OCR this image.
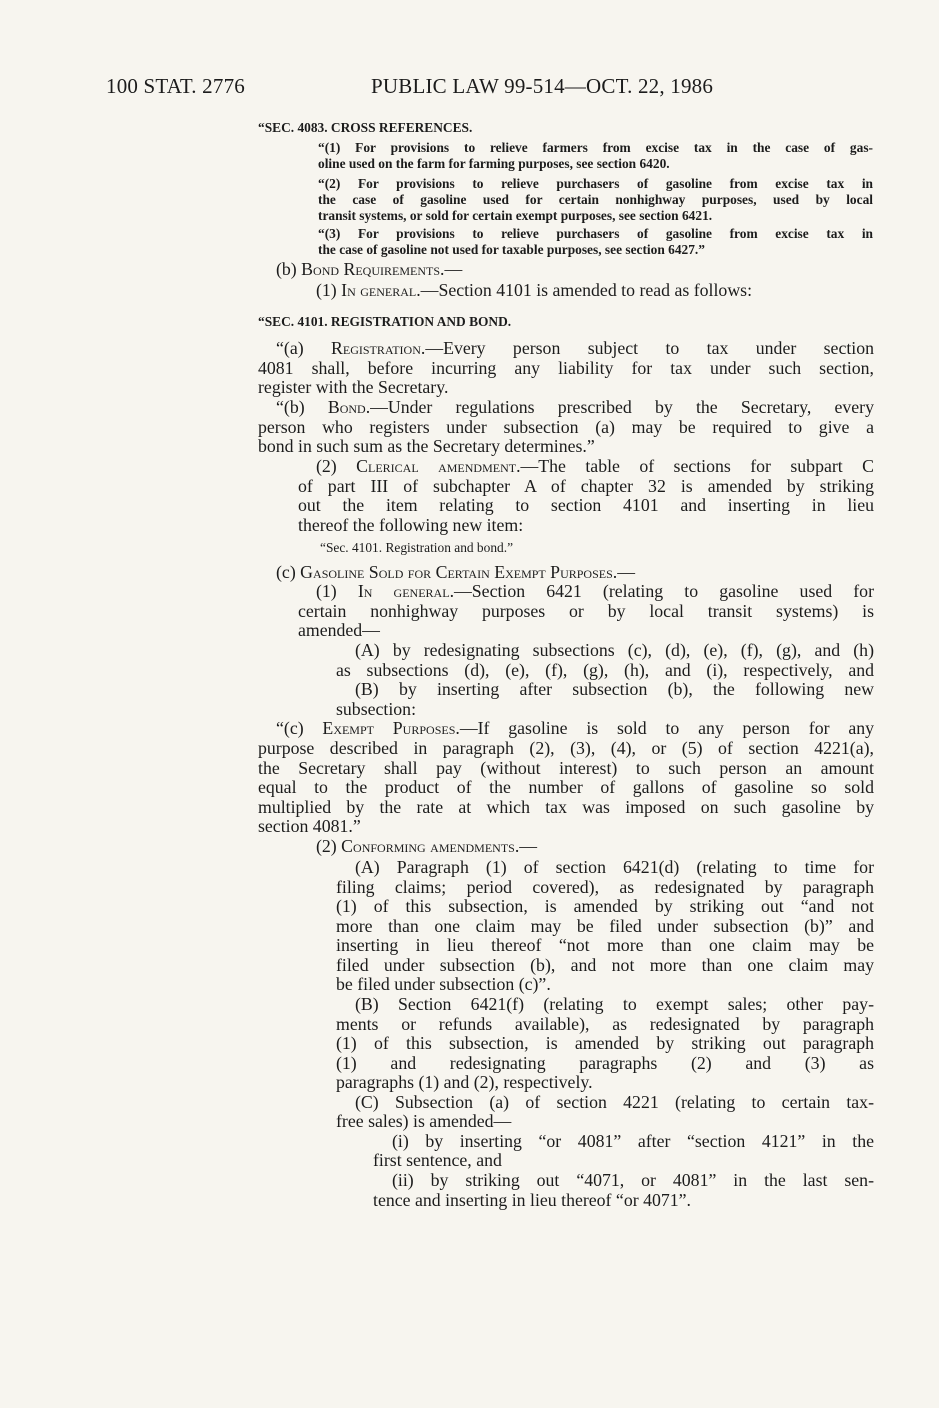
100 STAT. 2776	PUBLIC LAW 99-514—OCT. 22, 1986
“SEC. 4083. CROSS REFERENCES.
“(1) For provisions to relieve farmers from excise tax in the case of gas-
oline used on the farm for farming purposes, see section 6420.
“(2) For provisions to relieve purchasers of gasoline from excise tax in
the case of gasoline used for certain nonhighway purposes, used by local
transit systems, or sold for certain exempt purposes, see section 6421.
“(3) For provisions to relieve purchasers of gasoline from excise tax in
the case of gasoline not used for taxable purposes, see section 6427.”
(b) Bond Requirements.—
(1) In general.—Section 4101 is amended to read as follows:
“SEC. 4101. REGISTRATION AND BOND.
“(a) Registration.—Every person subject to tax under section
4081 shall, before incurring any liability for tax under such section,
register with the Secretary.
“(b) Bond.—Under regulations prescribed by the Secretary, every
person who registers under subsection (a) may be required to give a
bond in such sum as the Secretary determines.”
(2) Clerical amendment.—The table of sections for subpart C
of part III of subchapter A of chapter 32 is amended by striking
out the item relating to section 4101 and inserting in lieu
thereof the following new item:
“Sec. 4101. Registration and bond.”
(c) Gasoline Sold for Certain Exempt Purposes.—
(1) In general.—Section 6421 (relating to gasoline used for
certain nonhighway purposes or by local transit systems) is
amended—
(A) by redesignating subsections (c), (d), (e), (f), (g), and (h)
as subsections (d), (e), (f), (g), (h), and (i), respectively, and
(B) by inserting after subsection (b), the following new
subsection:
“(c) Exempt Purposes.—If gasoline is sold to any person for any
purpose described in paragraph (2), (3), (4), or (5) of section 4221(a),
the Secretary shall pay (without interest) to such person an amount
equal to the product of the number of gallons of gasoline so sold
multiplied by the rate at which tax was imposed on such gasoline by
section 4081.”
(2) Conforming amendments.—
(A) Paragraph (1) of section 6421(d) (relating to time for
filing claims; period covered), as redesignated by paragraph
(1) of this subsection, is amended by striking out “and not
more than one claim may be filed under subsection (b)” and
inserting in lieu thereof “not more than one claim may be
filed under subsection (b), and not more than one claim may
be filed under subsection (c)”.
(B) Section 6421(f) (relating to exempt sales; other pay-
ments or refunds available), as redesignated by paragraph
(1) of this subsection, is amended by striking out paragraph
(1) and redesignating paragraphs (2) and (3) as
paragraphs (1) and (2), respectively.
(C) Subsection (a) of section 4221 (relating to certain tax-
free sales) is amended—
(i) by inserting “or 4081” after “section 4121” in the
first sentence, and
(ii) by striking out “4071, or 4081” in the last sen-
tence and inserting in lieu thereof “or 4071”.
